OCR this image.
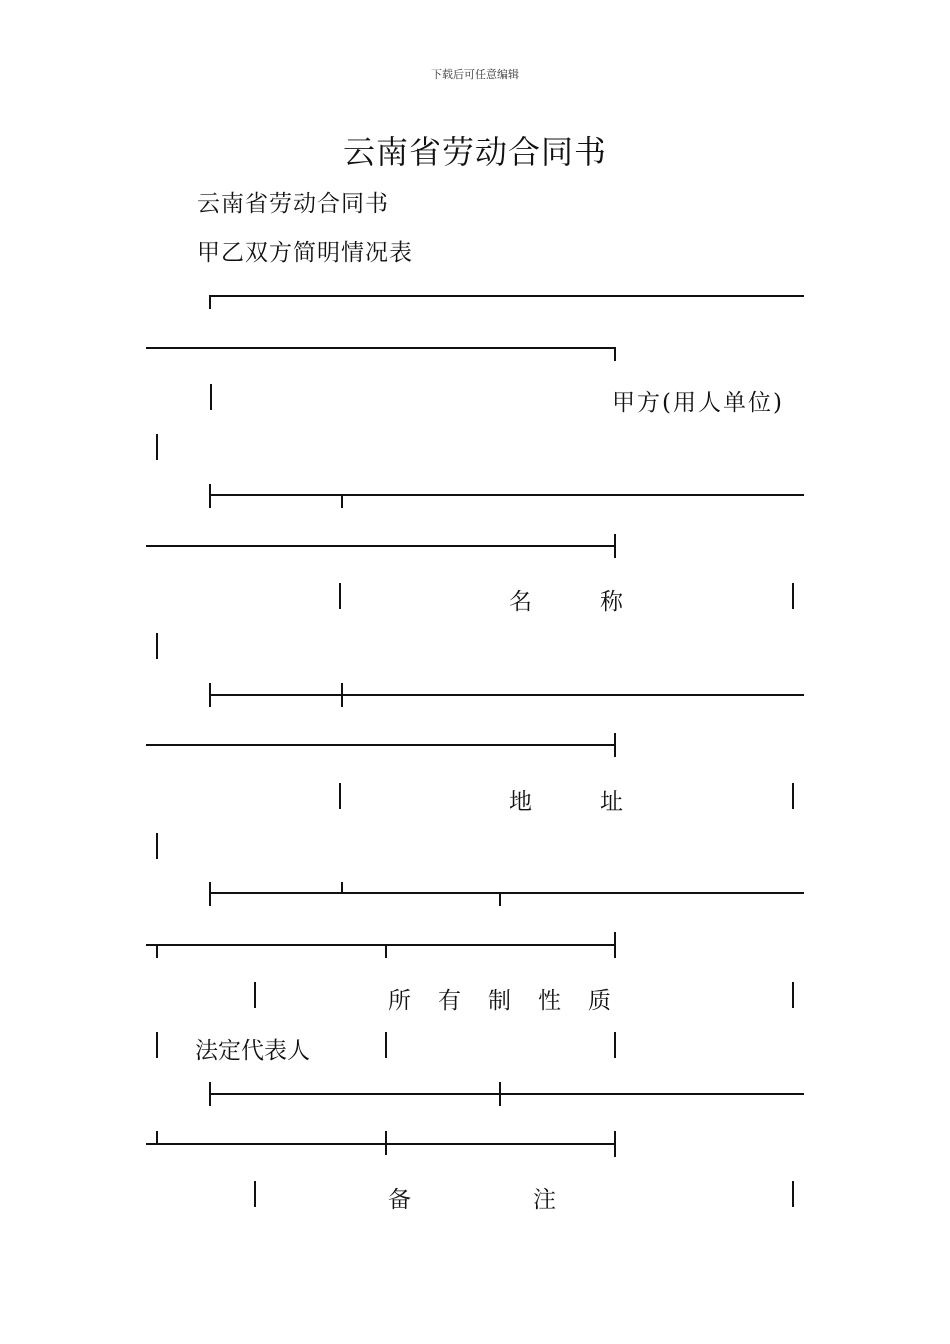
下载后可任意编辑
云南省劳动合同书
云南省劳动合同书
甲乙双方简明情况表
甲方(用人单位)
名称
地址
所有制性质
法定代表人
备注
